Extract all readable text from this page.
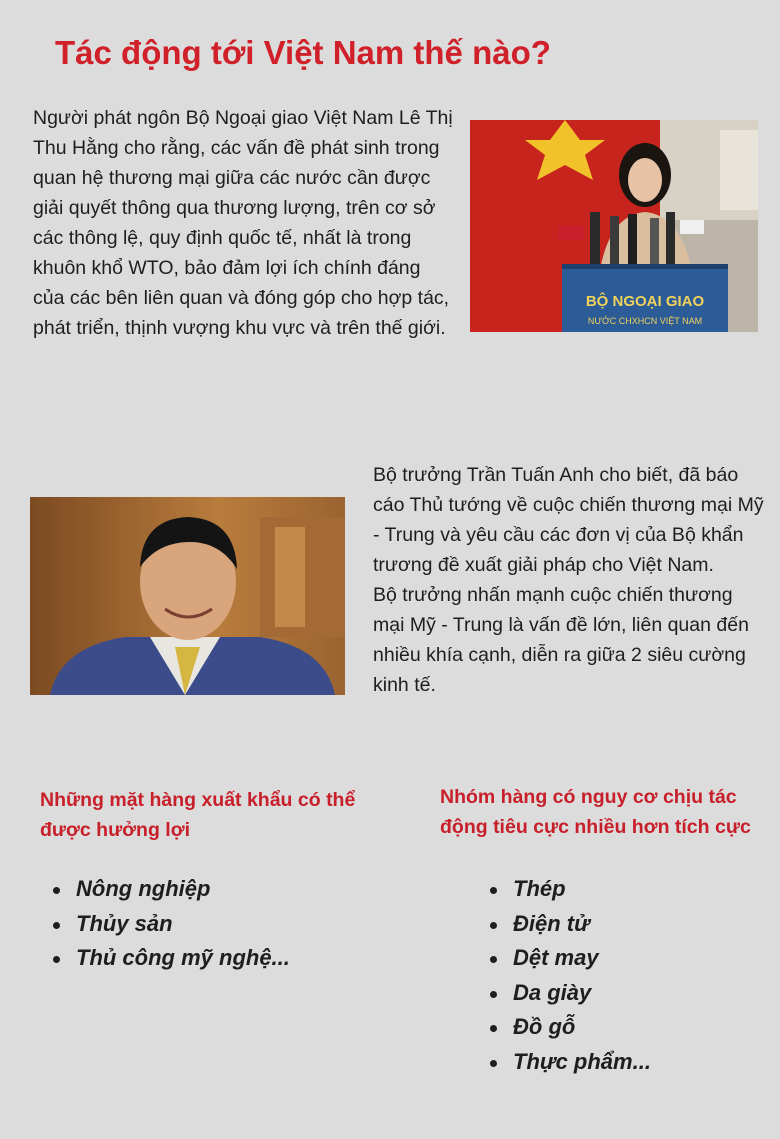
Tác động tới Việt Nam thế nào?

Người phát ngôn Bộ Ngoại giao Việt Nam Lê Thị Thu Hằng cho rằng, các vấn đề phát sinh trong quan hệ thương mại giữa các nước cần được giải quyết thông qua thương lượng, trên cơ sở các thông lệ, quy định quốc tế, nhất là trong khuôn khổ WTO, bảo đảm lợi ích chính đáng của các bên liên quan và đóng góp cho hợp tác, phát triển, thịnh vượng khu vực và trên thế giới.

BỘ NGOẠI GIAO
NƯỚC CHXHCN VIỆT NAM
Bộ trưởng Trần Tuấn Anh cho biết, đã báo cáo Thủ tướng về cuộc chiến thương mại Mỹ - Trung và yêu cầu các đơn vị của Bộ khẩn trương đề xuất giải pháp cho Việt Nam.
Bộ trưởng nhấn mạnh cuộc chiến thương mại Mỹ - Trung là vấn đề lớn, liên quan đến nhiều khía cạnh, diễn ra giữa 2 siêu cường kinh tế.
Những mặt hàng xuất khẩu có thể được hưởng lợi
Nhóm hàng có nguy cơ chịu tác động tiêu cực nhiều hơn tích cực
Nông nghiệp
Thủy sản
Thủ công mỹ nghệ...
Thép
Điện tử
Dệt may
Da giày
Đồ gỗ
Thực phẩm...
